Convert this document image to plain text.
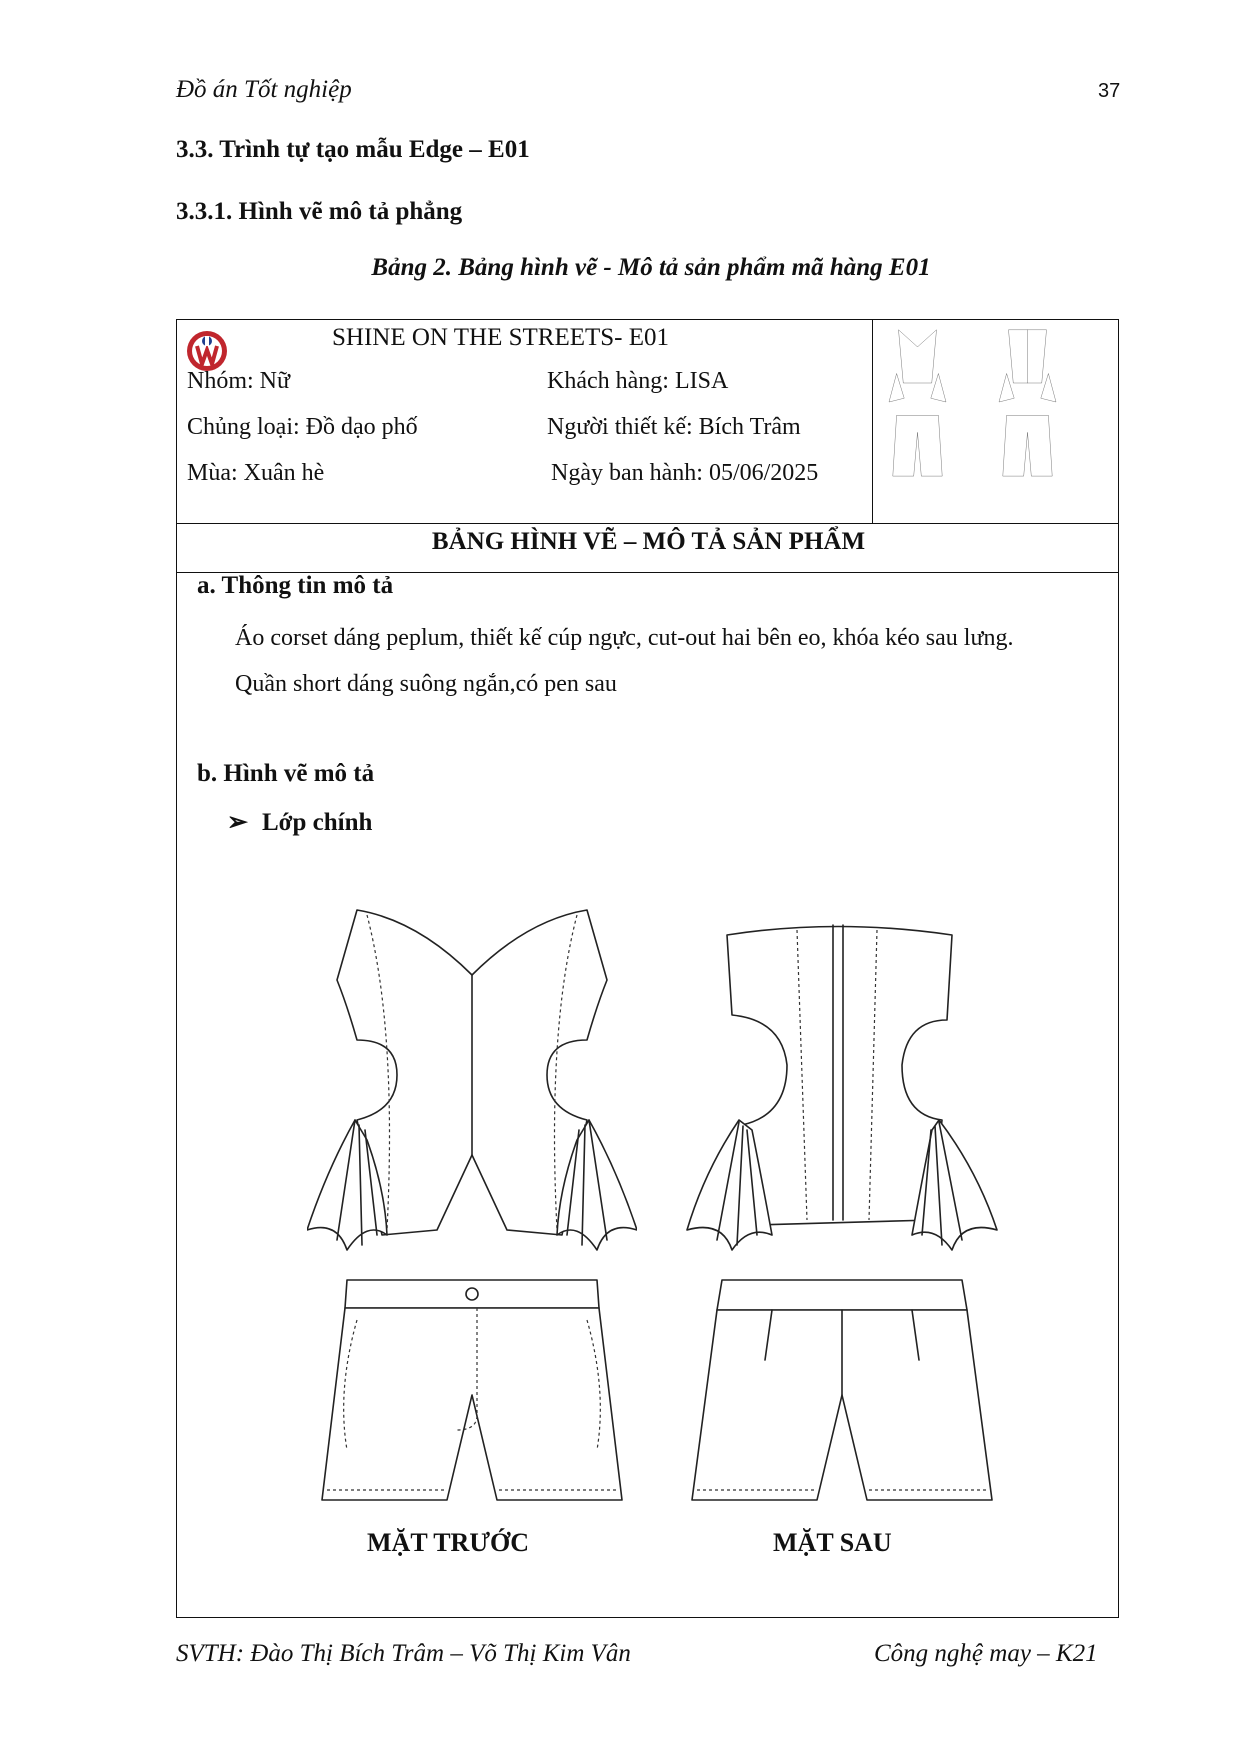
Đồ án Tốt nghiệp	37
3.3. Trình tự tạo mẫu Edge – E01
3.3.1. Hình vẽ mô tả phẳng
Bảng 2. Bảng hình vẽ - Mô tả sản phẩm mã hàng E01
SHINE ON THE STREETS- E01
Nhóm: Nữ	Khách hàng: LISA
Chủng loại: Đồ dạo phố	Người thiết kế: Bích Trâm
Mùa: Xuân hè	Ngày ban hành: 05/06/2025
BẢNG HÌNH VẼ – MÔ TẢ SẢN PHẨM
a. Thông tin mô tả
Áo corset dáng peplum, thiết kế cúp ngực, cut-out hai bên eo, khóa kéo sau lưng. Quần short dáng suông ngắn,có pen sau
b. Hình vẽ mô tả
➢ Lớp chính
MẶT TRƯỚC	MẶT SAU
SVTH: Đào Thị Bích Trâm – Võ Thị Kim Vân	Công nghệ may – K21
